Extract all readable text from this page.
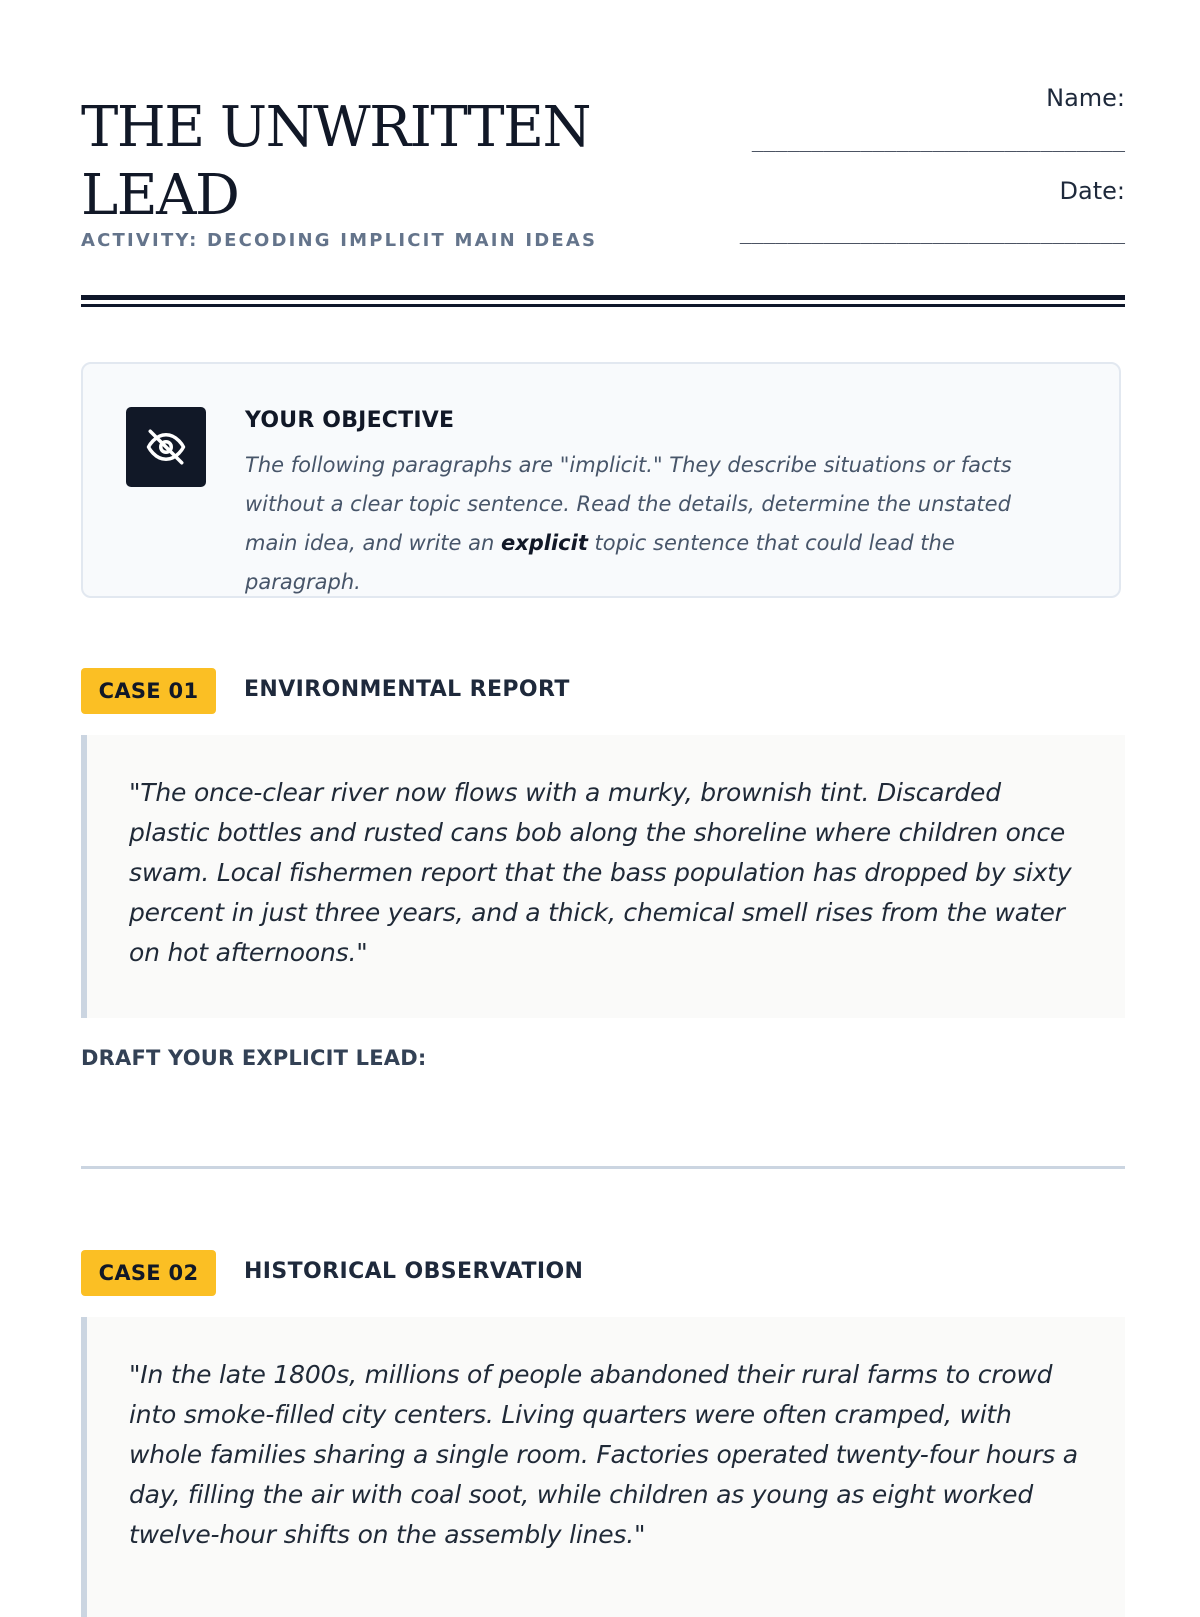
THE UNWRITTEN LEAD
ACTIVITY: DECODING IMPLICIT MAIN IDEAS
Name:
_______________________________
Date:
________________________________
YOUR OBJECTIVE

The following paragraphs are "implicit." They describe situations or facts without a clear topic sentence. Read the details, determine the unstated main idea, and write an explicit topic sentence that could lead the paragraph.

CASE 01	ENVIRONMENTAL REPORT

"The once-clear river now flows with a murky, brownish tint. Discarded plastic bottles and rusted cans bob along the shoreline where children once swam. Local fishermen report that the bass population has dropped by sixty percent in just three years, and a thick, chemical smell rises from the water on hot afternoons."

DRAFT YOUR EXPLICIT LEAD:
CASE 02	HISTORICAL OBSERVATION

"In the late 1800s, millions of people abandoned their rural farms to crowd into smoke-filled city centers. Living quarters were often cramped, with whole families sharing a single room. Factories operated twenty-four hours a day, filling the air with coal soot, while children as young as eight worked twelve-hour shifts on the assembly lines."
